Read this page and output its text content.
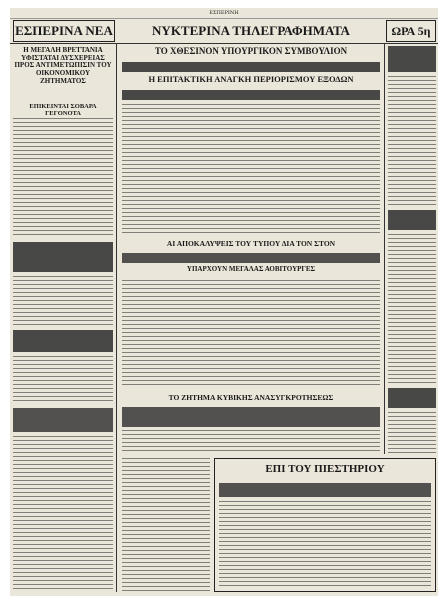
ΕΣΠΕΡΙΝΗ
ΕΣΠΕΡΙΝΑ ΝΕΑ	ΝΥΚΤΕΡΙΝΑ ΤΗΛΕΓΡΑΦΗΜΑΤΑ	ΩΡΑ 5η
Η ΜΕΓΑΛΗ ΒΡΕΤΤΑΝΙΑ ΥΦΙΣΤΑΤΑΙ ΔΥΣΧΕΡΕΙΑΣ ΠΡΟΣ ΑΝΤΙΜΕΤΩΠΙΣΙΝ ΤΟΥ ΟΙΚΟΝΟΜΙΚΟΥ ΖΗΤΗΜΑΤΟΣ
ΕΠΙΚΕΙΝΤΑΙ ΣΟΒΑΡΑ ΓΕΓΟΝΟΤΑ
ΤΟ ΧΘΕΣΙΝΟΝ ΥΠΟΥΡΓΙΚΟΝ ΣΥΜΒΟΥΛΙΟΝ
Η ΕΠΙΤΑΚΤΙΚΗ ΑΝΑΓΚΗ ΠΕΡΙΟΡΙΣΜΟΥ ΕΞΟΔΩΝ
ΑΙ ΑΠΟΚΑΛΥΨΕΙΣ ΤΟΥ ΤΥΠΟΥ ΔΙΑ ΤΟΝ ΣΤΟΝ
ΥΠΑΡΧΟΥΝ ΜΕΓΑΛΑΣ ΑΟΒΙΤΟΥΡΓΕΣ
ΤΟ ΖΗΤΗΜΑ ΚΥΒΙΚΗΣ ΑΝΑΣΥΓΚΡΟΤΗΣΕΩΣ
ΕΠΙ ΤΟΥ ΠΙΕΣΤΗΡΙΟΥ
